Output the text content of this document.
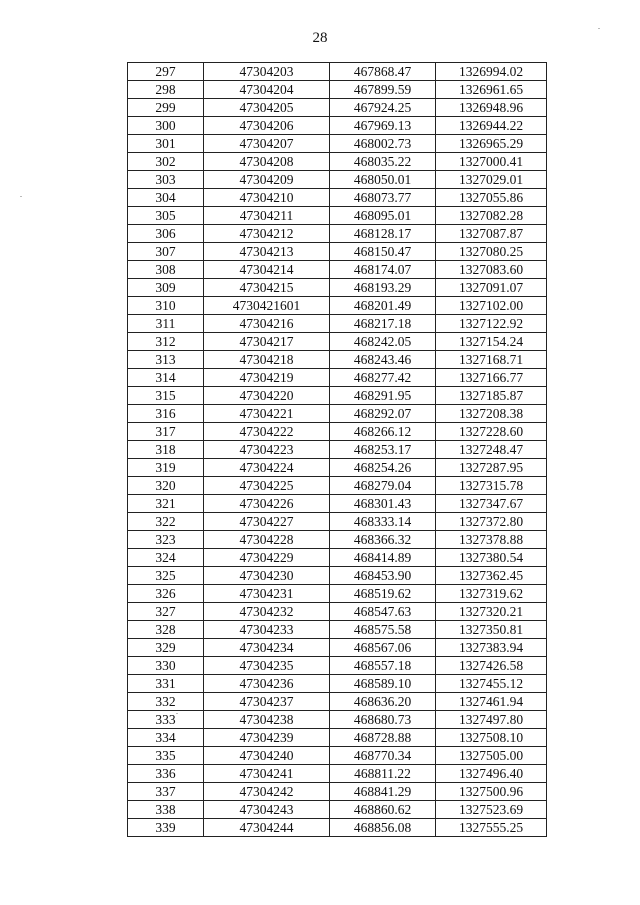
28
297	47304203	467868.47	1326994.02
298	47304204	467899.59	1326961.65
299	47304205	467924.25	1326948.96
300	47304206	467969.13	1326944.22
301	47304207	468002.73	1326965.29
302	47304208	468035.22	1327000.41
303	47304209	468050.01	1327029.01
304	47304210	468073.77	1327055.86
305	47304211	468095.01	1327082.28
306	47304212	468128.17	1327087.87
307	47304213	468150.47	1327080.25
308	47304214	468174.07	1327083.60
309	47304215	468193.29	1327091.07
310	4730421601	468201.49	1327102.00
311	47304216	468217.18	1327122.92
312	47304217	468242.05	1327154.24
313	47304218	468243.46	1327168.71
314	47304219	468277.42	1327166.77
315	47304220	468291.95	1327185.87
316	47304221	468292.07	1327208.38
317	47304222	468266.12	1327228.60
318	47304223	468253.17	1327248.47
319	47304224	468254.26	1327287.95
320	47304225	468279.04	1327315.78
321	47304226	468301.43	1327347.67
322	47304227	468333.14	1327372.80
323	47304228	468366.32	1327378.88
324	47304229	468414.89	1327380.54
325	47304230	468453.90	1327362.45
326	47304231	468519.62	1327319.62
327	47304232	468547.63	1327320.21
328	47304233	468575.58	1327350.81
329	47304234	468567.06	1327383.94
330	47304235	468557.18	1327426.58
331	47304236	468589.10	1327455.12
332	47304237	468636.20	1327461.94
333	47304238	468680.73	1327497.80
334	47304239	468728.88	1327508.10
335	47304240	468770.34	1327505.00
336	47304241	468811.22	1327496.40
337	47304242	468841.29	1327500.96
338	47304243	468860.62	1327523.69
339	47304244	468856.08	1327555.25
